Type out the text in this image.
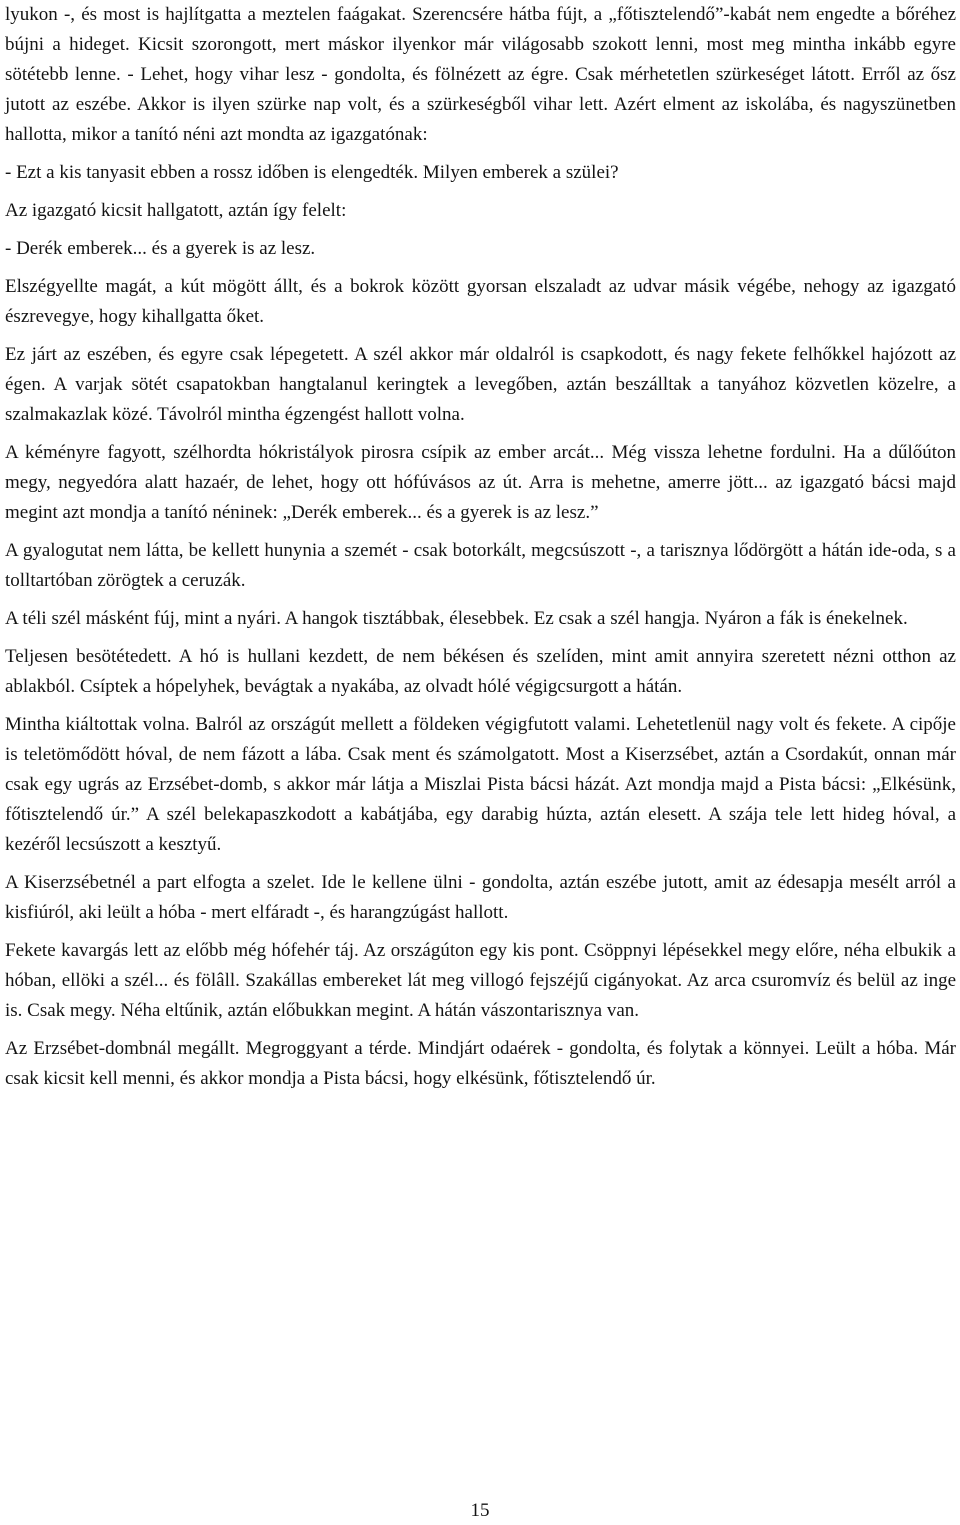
lyukon -, és most is hajlítgatta a meztelen faágakat. Szerencsére hátba fújt, a „főtisztelendő”-kabát nem engedte a bőréhez bújni a hideget. Kicsit szorongott, mert máskor ilyenkor már világosabb szokott lenni, most meg mintha inkább egyre sötétebb lenne. - Lehet, hogy vihar lesz - gondolta, és fölnézett az égre. Csak mérhetetlen szürkeséget látott. Erről az ősz jutott az eszébe. Akkor is ilyen szürke nap volt, és a szürkeségből vihar lett. Azért elment az iskolába, és nagyszünetben hallotta, mikor a tanító néni azt mondta az igazgatónak:

- Ezt a kis tanyasit ebben a rossz időben is elengedték. Milyen emberek a szülei?

Az igazgató kicsit hallgatott, aztán így felelt:

- Derék emberek... és a gyerek is az lesz.

Elszégyellte magát, a kút mögött állt, és a bokrok között gyorsan elszaladt az udvar másik végébe, nehogy az igazgató észrevegye, hogy kihallgatta őket.

Ez járt az eszében, és egyre csak lépegetett. A szél akkor már oldalról is csapkodott, és nagy fekete felhőkkel hajózott az égen. A varjak sötét csapatokban hangtalanul keringtek a levegőben, aztán beszálltak a tanyához közvetlen közelre, a szalmakazlak közé. Távolról mintha égzengést hallott volna.

A kéményre fagyott, szélhordta hókristályok pirosra csípik az ember arcát... Még vissza lehetne fordulni. Ha a dűlőúton megy, negyedóra alatt hazaér, de lehet, hogy ott hófúvásos az út. Arra is mehetne, amerre jött... az igazgató bácsi majd megint azt mondja a tanító néninek: „Derék emberek... és a gyerek is az lesz.”

A gyalogutat nem látta, be kellett hunynia a szemét - csak botorkált, megcsúszott -, a tarisznya lődörgött a hátán ide-oda, s a tolltartóban zörögtek a ceruzák.

A téli szél másként fúj, mint a nyári. A hangok tisztábbak, élesebbek. Ez csak a szél hangja. Nyáron a fák is énekelnek.

Teljesen besötétedett. A hó is hullani kezdett, de nem békésen és szelíden, mint amit annyira szeretett nézni otthon az ablakból. Csíptek a hópelyhek, bevágtak a nyakába, az olvadt hólé végigcsurgott a hátán.

Mintha kiáltottak volna. Balról az országút mellett a földeken végigfutott valami. Lehetetlenül nagy volt és fekete. A cipője is teletömődött hóval, de nem fázott a lába. Csak ment és számolgatott. Most a Kiserzsébet, aztán a Csordakút, onnan már csak egy ugrás az Erzsébet-domb, s akkor már látja a Miszlai Pista bácsi házát. Azt mondja majd a Pista bácsi: „Elkésünk, főtisztelendő úr.” A szél belekapaszkodott a kabátjába, egy darabig húzta, aztán elesett. A szája tele lett hideg hóval, a kezéről lecsúszott a kesztyű.

A Kiserzsébetnél a part elfogta a szelet. Ide le kellene ülni - gondolta, aztán eszébe jutott, amit az édesapja mesélt arról a kisfiúról, aki leült a hóba - mert elfáradt -, és harangzúgást hallott.

Fekete kavargás lett az előbb még hófehér táj. Az országúton egy kis pont. Csöppnyi lépésekkel megy előre, néha elbukik a hóban, ellöki a szél... és fölâll. Szakállas embereket lát meg villogó fejszéjű cigányokat. Az arca csuromvíz és belül az inge is. Csak megy. Néha eltűnik, aztán előbukkan megint. A hátán vászontarisznya van.

Az Erzsébet-dombnál megállt. Megroggyant a térde. Mindjárt odaérek - gondolta, és folytak a könnyei. Leült a hóba. Már csak kicsit kell menni, és akkor mondja a Pista bácsi, hogy elkésünk, főtisztelendő úr.

15
